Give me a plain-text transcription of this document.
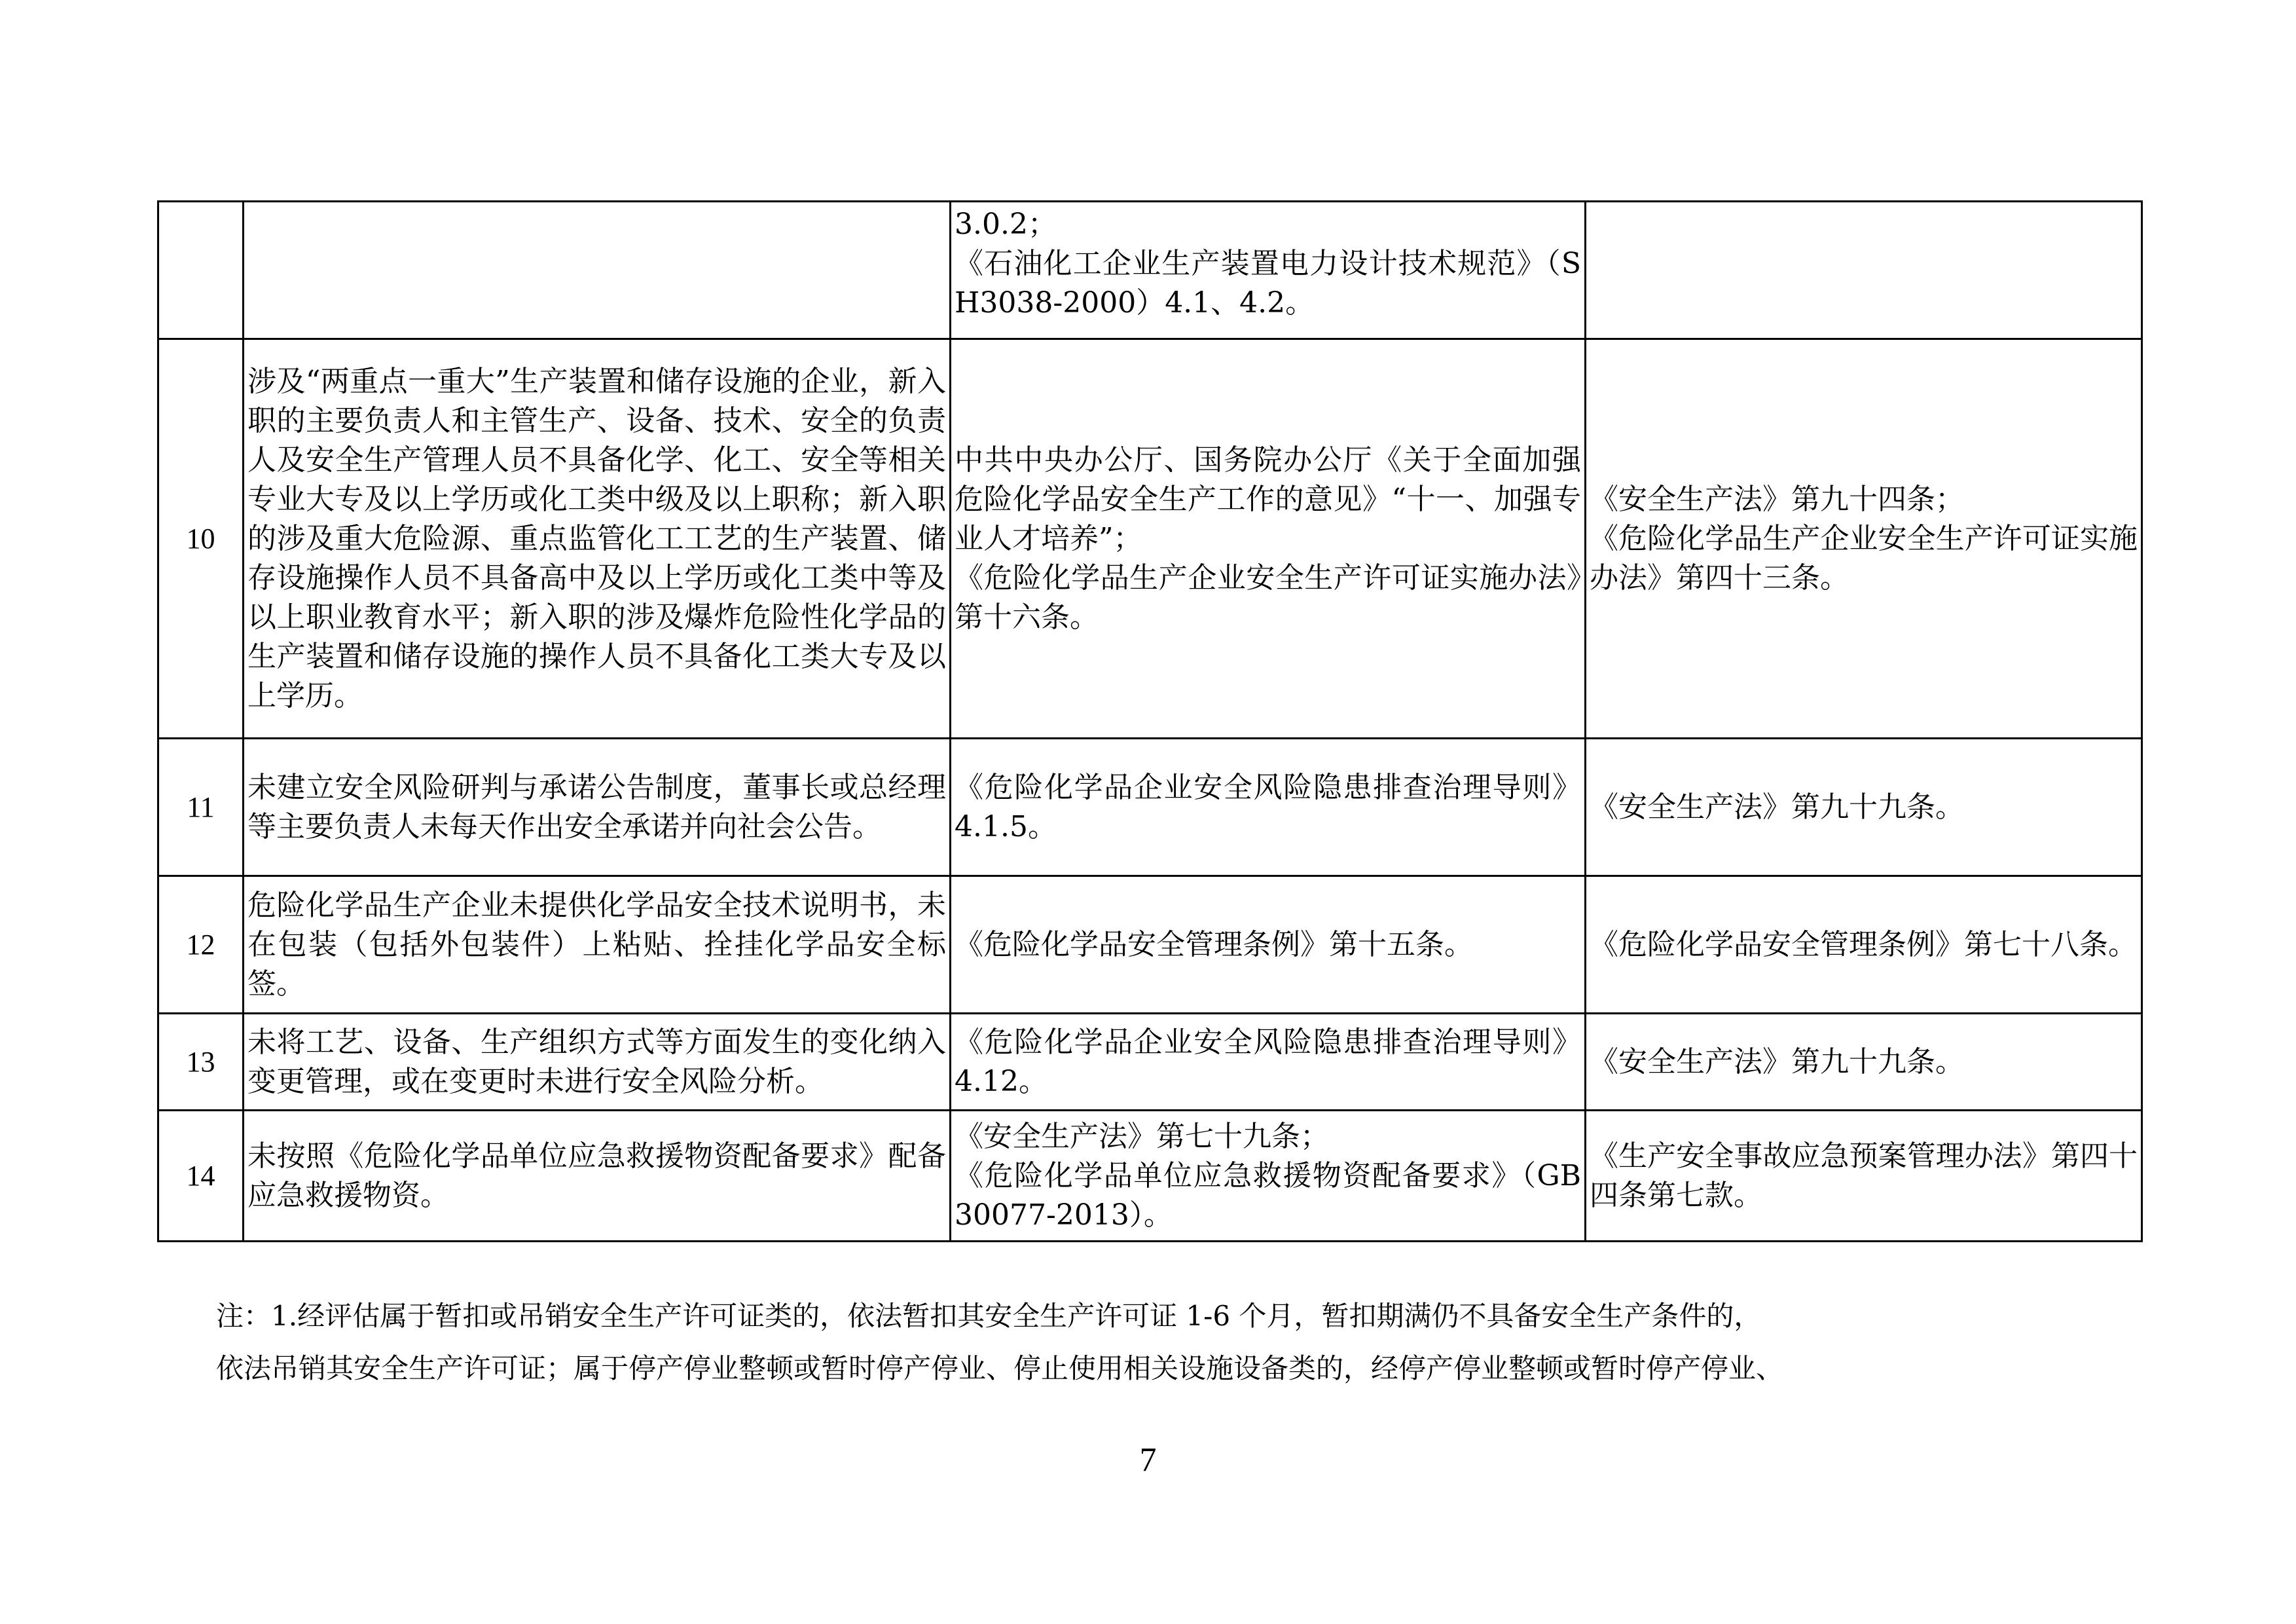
		3.0.2；
《石油化工企业生产装置电力设计技术规范》（SH3038-2000）4.1、4.2。	

10	涉及“两重点一重大”生产装置和储存设施的企业，新入职的主要负责人和主管生产、设备、技术、安全的负责人及安全生产管理人员不具备化学、化工、安全等相关专业大专及以上学历或化工类中级及以上职称；新入职的涉及重大危险源、重点监管化工工艺的生产装置、储存设施操作人员不具备高中及以上学历或化工类中等及以上职业教育水平；新入职的涉及爆炸危险性化学品的生产装置和储存设施的操作人员不具备化工类大专及以上学历。	中共中央办公厅、国务院办公厅《关于全面加强危险化学品安全生产工作的意见》“十一、加强专业人才培养”；
《危险化学品生产企业安全生产许可证实施办法》第十六条。	《安全生产法》第九十四条；
《危险化学品生产企业安全生产许可证实施办法》第四十三条。

11	未建立安全风险研判与承诺公告制度，董事长或总经理等主要负责人未每天作出安全承诺并向社会公告。	《危险化学品企业安全风险隐患排查治理导则》4.1.5。	《安全生产法》第九十九条。

12	危险化学品生产企业未提供化学品安全技术说明书，未在包装（包括外包装件）上粘贴、拴挂化学品安全标签。	《危险化学品安全管理条例》第十五条。	《危险化学品安全管理条例》第七十八条。

13	未将工艺、设备、生产组织方式等方面发生的变化纳入变更管理，或在变更时未进行安全风险分析。	《危险化学品企业安全风险隐患排查治理导则》4.12。	《安全生产法》第九十九条。

14	未按照《危险化学品单位应急救援物资配备要求》配备应急救援物资。	《安全生产法》第七十九条；
《危险化学品单位应急救援物资配备要求》（GB 30077-2013）。	《生产安全事故应急预案管理办法》第四十四条第七款。
注：1.经评估属于暂扣或吊销安全生产许可证类的，依法暂扣其安全生产许可证 1-6 个月，暂扣期满仍不具备安全生产条件的，
依法吊销其安全生产许可证；属于停产停业整顿或暂时停产停业、停止使用相关设施设备类的，经停产停业整顿或暂时停产停业、
7
